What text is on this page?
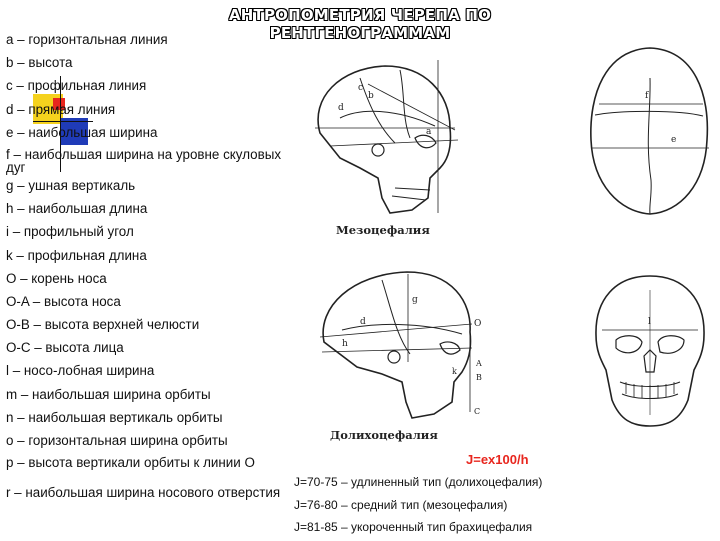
АНТРОПОМЕТРИЯ ЧЕРЕПА ПО РЕНТГЕНОГРАММАМ
а – горизонтальная линия
b – высота
c – профильная линия
d – прямая линия
e – наибольшая ширина
f – наибольшая ширина на уровне скуловых дуг
g – ушная вертикаль
h – наибольшая длина
i – профильный угол
k – профильная длина
O – корень носа
O-A – высота носа
O-B – высота верхней челюсти
O-C – высота лица
l – носо-лобная ширина
m – наибольшая ширина орбиты
n – наибольшая вертикаль орбиты
o – горизонтальная ширина орбиты
p – высота вертикали орбиты к линии О
r – наибольшая ширина носового отверстия
c
b
d
a
Мезоцефалия
f
e
g
d
h
O
A
B
k
C
Долихоцефалия
l
J=ex100/h
J=70-75 – удлиненный тип (долихоцефалия)
J=76-80 – средний тип (мезоцефалия)
J=81-85 – укороченный тип брахицефалия
